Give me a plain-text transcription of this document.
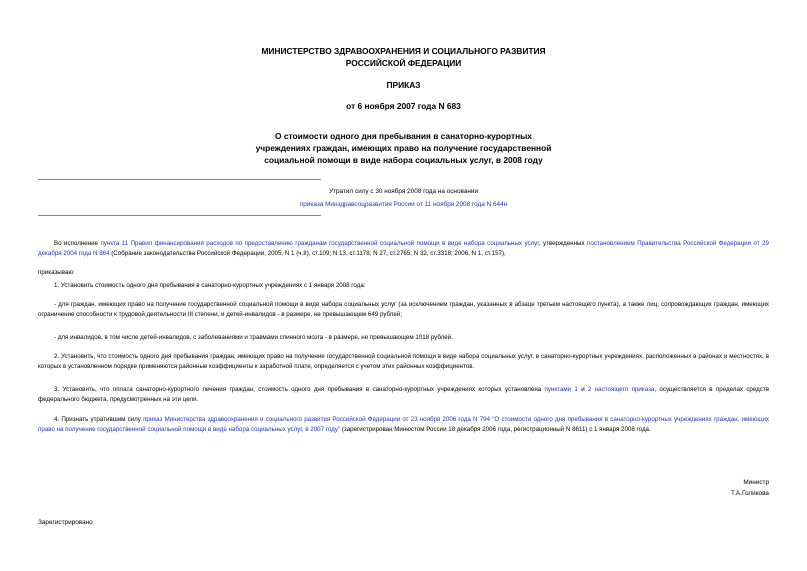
МИНИСТЕРСТВО ЗДРАВООХРАНЕНИЯ И СОЦИАЛЬНОГО РАЗВИТИЯ
РОССИЙСКОЙ ФЕДЕРАЦИИ
ПРИКАЗ
от 6 ноября 2007 года N 683
О стоимости одного дня пребывания в санаторно-курортных
учреждениях граждан, имеющих право на получение государственной
социальной помощи в виде набора социальных услуг, в 2008 году
Утратил силу с 30 ноября 2008 года на основании
приказа Минздравсоцразвития России от 11 ноября 2008 года N 644н
Во исполнение пункта 11 Правил финансирования расходов по предоставлению гражданам государственной социальной помощи в виде набора социальных услуг, утвержденных постановлением Правительства Российской Федерации от 29 декабря 2004 года N 864 (Собрание законодательства Российской Федерации, 2005, N 1 (ч.II), ст.109; N 13, ст.1178; N 27, ст.2765; N 32, ст.3318; 2006, N 1, ст.157),
приказываю:
1. Установить стоимость одного дня пребывания в санаторно-курортных учреждениях с 1 января 2008 года:
- для граждан, имеющих право на получение государственной социальной помощи в виде набора социальных услуг (за исключением граждан, указанных в абзаце третьем настоящего пункта), а также лиц, сопровождающих граждан, имеющих ограничение способности к трудовой деятельности III степени, и детей-инвалидов - в размере, не превышающем 649 рублей;
- для инвалидов, в том числе детей-инвалидов, с заболеваниями и травмами спинного мозга - в размере, не превышающем 1018 рублей.
2. Установить, что стоимость одного дня пребывания граждан, имеющих право на получение государственной социальной помощи в виде набора социальных услуг, в санаторно-курортных учреждениях, расположенных в районах и местностях, в которых в установленном порядке применяются районные коэффициенты к заработной плате, определяется с учетом этих районных коэффициентов.
3. Установить, что оплата санаторно-курортного лечения граждан, стоимость одного дня пребывания в санаторно-курортных учреждениях которых установлена пунктами 1 и 2 настоящего приказа, осуществляется в пределах средств федерального бюджета, предусмотренных на эти цели.
4. Признать утратившим силу приказ Министерства здравоохранения и социального развития Российской Федерации от 23 ноября 2006 года N 794 "О стоимости одного дня пребывания в санаторно-курортных учреждениях граждан, имеющих право на получение государственной социальной помощи в виде набора социальных услуг, в 2007 году" (зарегистрирован Минюстом России 18 декабря 2006 года, регистрационный N 8611) с 1 января 2008 года.
Министр
Т.А.Голикова
Зарегистрировано
